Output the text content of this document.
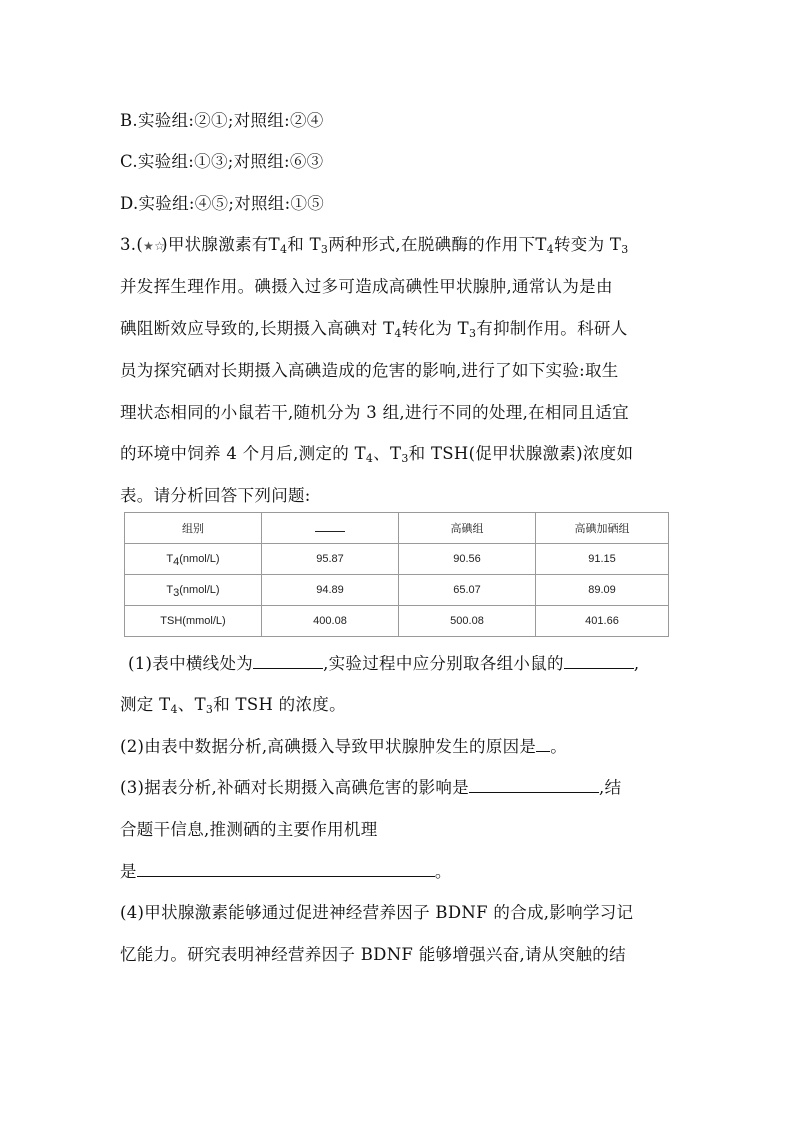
B.实验组:②①;对照组:②④
C.实验组:①③;对照组:⑥③
D.实验组:④⑤;对照组:①⑤
3.(★☆)甲状腺激素有$T_4$和 $T_3$两种形式,在脱碘酶的作用下$T_4$转变为 $T_3$
并发挥生理作用。碘摄入过多可造成高碘性甲状腺肿,通常认为是由
碘阻断效应导致的,长期摄入高碘对 $T_4$转化为 $T_3$有抑制作用。科研人
员为探究硒对长期摄入高碘造成的危害的影响,进行了如下实验:取生
理状态相同的小鼠若干,随机分为 3 组,进行不同的处理,在相同且适宜
的环境中饲养 4 个月后,测定的 $T_4$、$T_3$和 TSH(促甲状腺激素)浓度如
表。请分析回答下列问题:
组别		高碘组	高碘加硒组
$T_4(nmol/L)$	95.87	90.56	91.15
$T_3(nmol/L)$	94.89	65.07	89.09
TSH(mmol/L)	400.08	500.08	401.66
(1)表中横线处为	,实验过程中应分别取各组小鼠的	,
测定 $T_4$、$T_3$和 TSH 的浓度。
(2)由表中数据分析,高碘摄入导致甲状腺肿发生的原因是 。
(3)据表分析,补硒对长期摄入高碘危害的影响是	,结
合题干信息,推测硒的主要作用机理
是	。
(4)甲状腺激素能够通过促进神经营养因子 BDNF 的合成,影响学习记
忆能力。研究表明神经营养因子 BDNF 能够增强兴奋,请从突触的结
